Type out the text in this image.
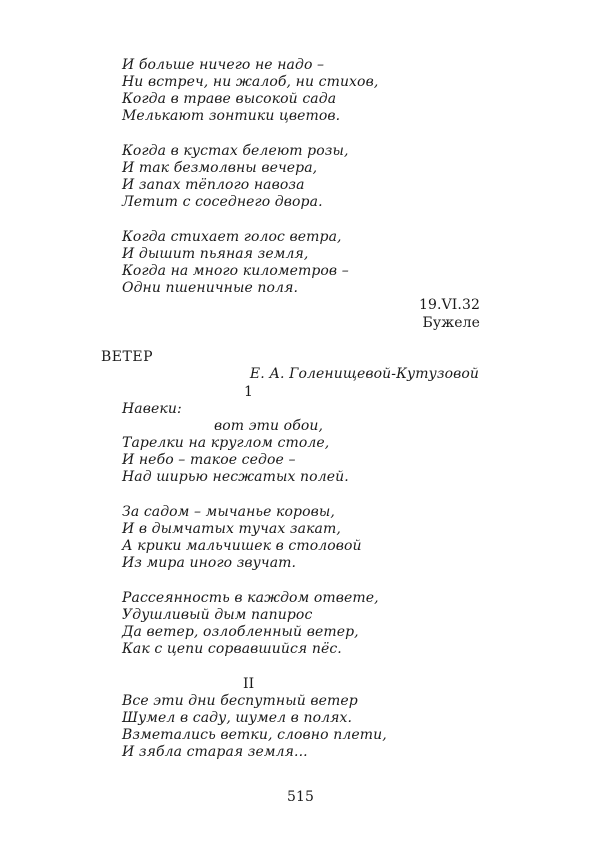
И больше ничего не надо –
Ни встреч, ни жалоб, ни стихов,
Когда в траве высокой сада
Мелькают зонтики цветов.
Когда в кустах белеют розы,
И так безмолвны вечера,
И запах тёплого навоза
Летит с соседнего двора.
Когда стихает голос ветра,
И дышит пьяная земля,
Когда на много километров –
Одни пшеничные поля.
19.VI.32
Бужеле
ВЕТЕР
Е. А. Голенищевой-Кутузовой
1
Навеки:
вот эти обои,
Тарелки на круглом столе,
И небо – такое седое –
Над ширью несжатых полей.
За садом – мычанье коровы,
И в дымчатых тучах закат,
А крики мальчишек в столовой
Из мира иного звучат.
Рассеянность в каждом ответе,
Удушливый дым папирос
Да ветер, озлобленный ветер,
Как с цепи сорвавшийся пёс.
II
Все эти дни беспутный ветер
Шумел в саду, шумел в полях.
Взметались ветки, словно плети,
И зябла старая земля...
515
